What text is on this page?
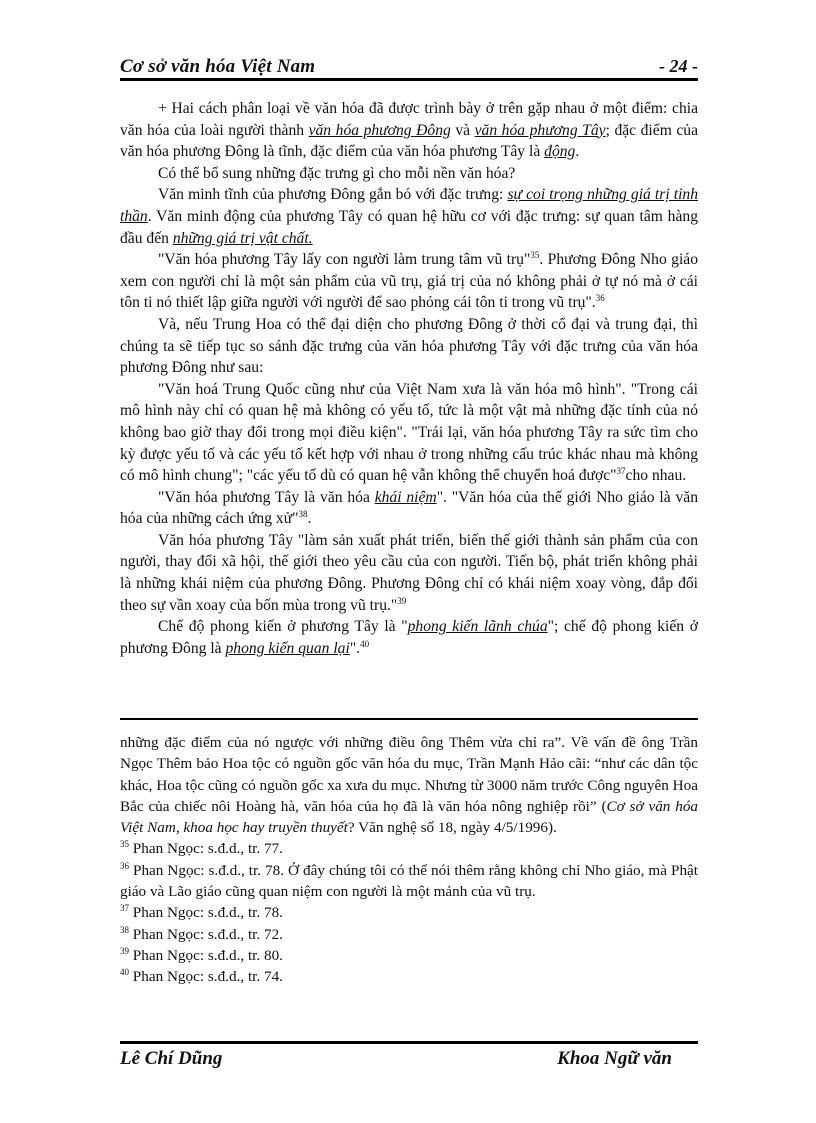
Cơ sở văn hóa Việt Nam	- 24 -

+ Hai cách phân loại về văn hóa đã được trình bày ở trên gặp nhau ở một điểm: chia văn hóa của loài người thành văn hóa phương Đông và văn hóa phương Tây; đặc điểm của văn hóa phương Đông là tĩnh, đặc điểm của văn hóa phương Tây là động.

Có thể bổ sung những đặc trưng gì cho mỗi nền văn hóa?

Văn minh tĩnh của phương Đông gắn bó với đặc trưng: sự coi trọng những giá trị tinh thần. Văn minh động của phương Tây có quan hệ hữu cơ với đặc trưng: sự quan tâm hàng đầu đến những giá trị vật chất.

"Văn hóa phương Tây lấy con người làm trung tâm vũ trụ"$^{35}$. Phương Đông Nho giáo xem con người chỉ là một sản phẩm của vũ trụ, giá trị của nó không phải ở tự nó mà ở cái tôn ti nó thiết lập giữa người với người để sao phỏng cái tôn ti trong vũ trụ".$^{36}$

Và, nếu Trung Hoa có thể đại diện cho phương Đông ở thời cổ đại và trung đại, thì chúng ta sẽ tiếp tục so sánh đặc trưng của văn hóa phương Tây với đặc trưng của văn hóa phương Đông như sau:

"Văn hoá Trung Quốc cũng như của Việt Nam xưa là văn hóa mô hình". "Trong cái mô hình này chỉ có quan hệ mà không có yếu tố, tức là một vật mà những đặc tính của nó không bao giờ thay đổi trong mọi điều kiện". "Trái lại, văn hóa phương Tây ra sức tìm cho kỳ được yếu tố và các yếu tố kết hợp với nhau ở trong những cấu trúc khác nhau mà không có mô hình chung"; "các yếu tố dù có quan hệ vẫn không thể chuyển hoá được"$^{37}$cho nhau.

"Văn hóa phương Tây là văn hóa khái niệm". "Văn hóa của thế giới Nho giáo là văn hóa của những cách ứng xử"$^{38}$.

Văn hóa phương Tây "làm sản xuất phát triển, biến thế giới thành sản phẩm của con người, thay đổi xã hội, thế giới theo yêu cầu của con người. Tiến bộ, phát triển không phải là những khái niệm của phương Đông. Phương Đông chỉ có khái niệm xoay vòng, đắp đổi theo sự vần xoay của bốn mùa trong vũ trụ."$^{39}$

Chế độ phong kiến ở phương Tây là "phong kiến lãnh chúa"; chế độ phong kiến ở phương Đông là phong kiến quan lại".$^{40}$

những đặc điểm của nó ngược với những điều ông Thêm vừa chỉ ra”. Về vấn đề ông Trần Ngọc Thêm bảo Hoa tộc có nguồn gốc văn hóa du mục, Trần Mạnh Hảo cãi: “như các dân tộc khác, Hoa tộc cũng có nguồn gốc xa xưa du mục. Nhưng từ 3000 năm trước Công nguyên Hoa Bắc của chiếc nôi Hoàng hà, văn hóa của họ đã là văn hóa nông nghiệp rồi” (Cơ sở văn hóa Việt Nam, khoa học hay truyền thuyết? Văn nghệ số 18, ngày 4/5/1996).

$^{35}$ Phan Ngọc: s.đ.d., tr. 77.

$^{36}$ Phan Ngọc: s.đ.d., tr. 78. Ở đây chúng tôi có thể nói thêm rằng không chỉ Nho giáo, mà Phật giáo và Lão giáo cũng quan niệm con người là một mảnh của vũ trụ.

$^{37}$ Phan Ngọc: s.đ.d., tr. 78.

$^{38}$ Phan Ngọc: s.đ.d., tr. 72.

$^{39}$ Phan Ngọc: s.đ.d., tr. 80.

$^{40}$ Phan Ngọc: s.đ.d., tr. 74.

Lê Chí Dũng	Khoa Ngữ văn
